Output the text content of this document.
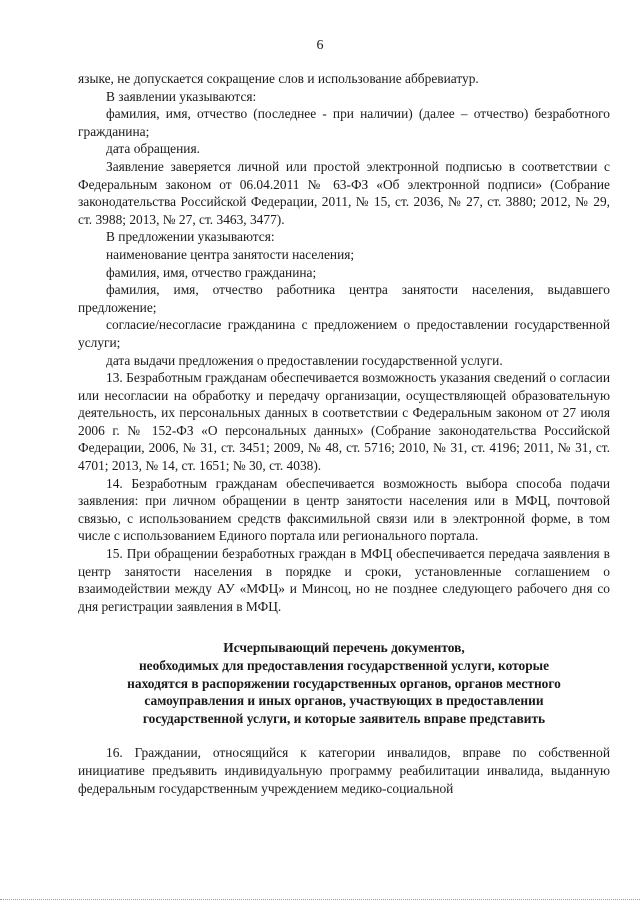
6

языке, не допускается сокращение слов и использование аббревиатур.

В заявлении указываются:

фамилия, имя, отчество (последнее - при наличии) (далее – отчество) безработного гражданина;

дата обращения.

Заявление заверяется личной или простой электронной подписью в соответствии с Федеральным законом от 06.04.2011 № 63-ФЗ «Об электронной подписи» (Собрание законодательства Российской Федерации, 2011, № 15, ст. 2036, № 27, ст. 3880; 2012, № 29, ст. 3988; 2013, № 27, ст. 3463, 3477).

В предложении указываются:

наименование центра занятости населения;

фамилия, имя, отчество гражданина;

фамилия, имя, отчество работника центра занятости населения, выдавшего предложение;

согласие/несогласие гражданина с предложением о предоставлении государственной услуги;

дата выдачи предложения о предоставлении государственной услуги.

13. Безработным гражданам обеспечивается возможность указания сведений о согласии или несогласии на обработку и передачу организации, осуществляющей образовательную деятельность, их персональных данных в соответствии с Федеральным законом от 27 июля 2006 г. № 152-ФЗ «О персональных данных» (Собрание законодательства Российской Федерации, 2006, № 31, ст. 3451; 2009, № 48, ст. 5716; 2010, № 31, ст. 4196; 2011, № 31, ст. 4701; 2013, № 14, ст. 1651; № 30, ст. 4038).

14. Безработным гражданам обеспечивается возможность выбора способа подачи заявления: при личном обращении в центр занятости населения или в МФЦ, почтовой связью, с использованием средств факсимильной связи или в электронной форме, в том числе с использованием Единого портала или регионального портала.

15. При обращении безработных граждан в МФЦ обеспечивается передача заявления в центр занятости населения в порядке и сроки, установленные соглашением о взаимодействии между АУ «МФЦ» и Минсоц, но не позднее следующего рабочего дня со дня регистрации заявления в МФЦ.

Исчерпывающий перечень документов,
необходимых для предоставления государственной услуги, которые
находятся в распоряжении государственных органов, органов местного
самоуправления и иных органов, участвующих в предоставлении
государственной услуги, и которые заявитель вправе представить

16. Граждании, относящийся к категории инвалидов, вправе по собственной инициативе предъявить индивидуальную программу реабилитации инвалида, выданную федеральным государственным учреждением медико-социальной
